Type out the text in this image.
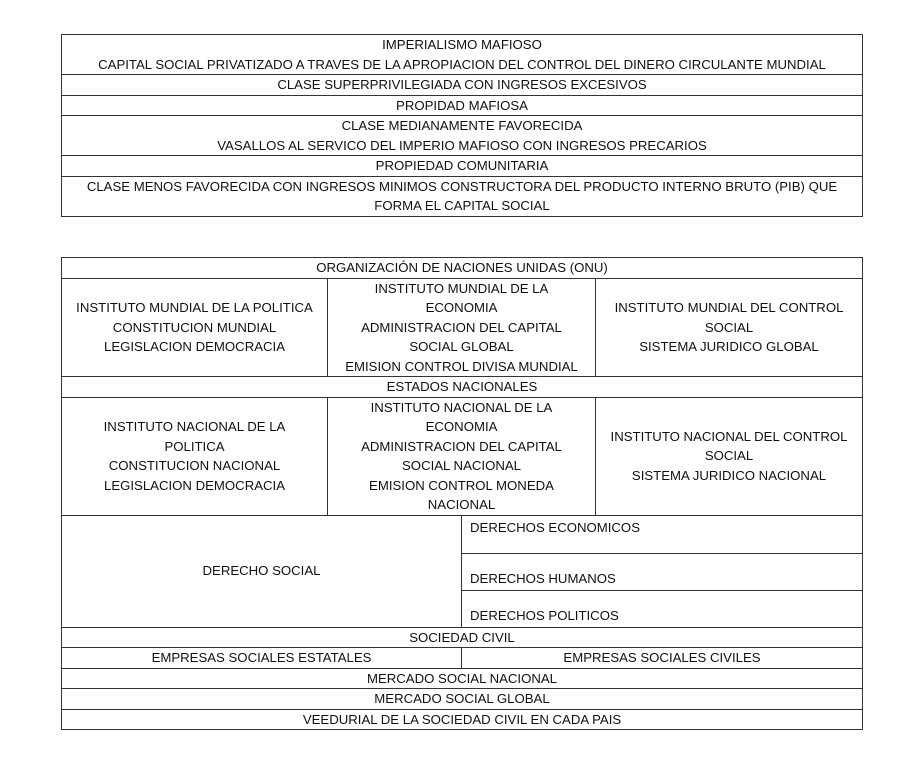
IMPERIALISMO MAFIOSO
CAPITAL SOCIAL PRIVATIZADO A TRAVES DE LA APROPIACION DEL CONTROL DEL DINERO CIRCULANTE MUNDIAL
CLASE SUPERPRIVILEGIADA CON INGRESOS EXCESIVOS
PROPIDAD MAFIOSA
CLASE MEDIANAMENTE FAVORECIDA
VASALLOS AL SERVICO DEL IMPERIO MAFIOSO CON INGRESOS PRECARIOS
PROPIEDAD COMUNITARIA
CLASE MENOS FAVORECIDA CON INGRESOS MINIMOS CONSTRUCTORA DEL PRODUCTO INTERNO BRUTO (PIB) QUE
FORMA EL CAPITAL SOCIAL
ORGANIZACIÓN DE NACIONES UNIDAS (ONU)
INSTITUTO MUNDIAL DE LA POLITICA
CONSTITUCION MUNDIAL
LEGISLACION DEMOCRACIA
INSTITUTO MUNDIAL DE LA
ECONOMIA
ADMINISTRACION DEL CAPITAL
SOCIAL GLOBAL
EMISION CONTROL DIVISA MUNDIAL
INSTITUTO MUNDIAL DEL CONTROL
SOCIAL
SISTEMA JURIDICO GLOBAL
ESTADOS NACIONALES
INSTITUTO NACIONAL DE LA
POLITICA
CONSTITUCION NACIONAL
LEGISLACION DEMOCRACIA
INSTITUTO NACIONAL DE LA
ECONOMIA
ADMINISTRACION DEL CAPITAL
SOCIAL NACIONAL
EMISION CONTROL MONEDA
NACIONAL
INSTITUTO NACIONAL DEL CONTROL
SOCIAL
SISTEMA JURIDICO NACIONAL
DERECHO SOCIAL
DERECHOS ECONOMICOS
DERECHOS HUMANOS
DERECHOS POLITICOS
SOCIEDAD CIVIL
EMPRESAS SOCIALES ESTATALES	EMPRESAS SOCIALES CIVILES
MERCADO SOCIAL NACIONAL
MERCADO SOCIAL GLOBAL
VEEDURIAL DE LA SOCIEDAD CIVIL EN CADA PAIS
